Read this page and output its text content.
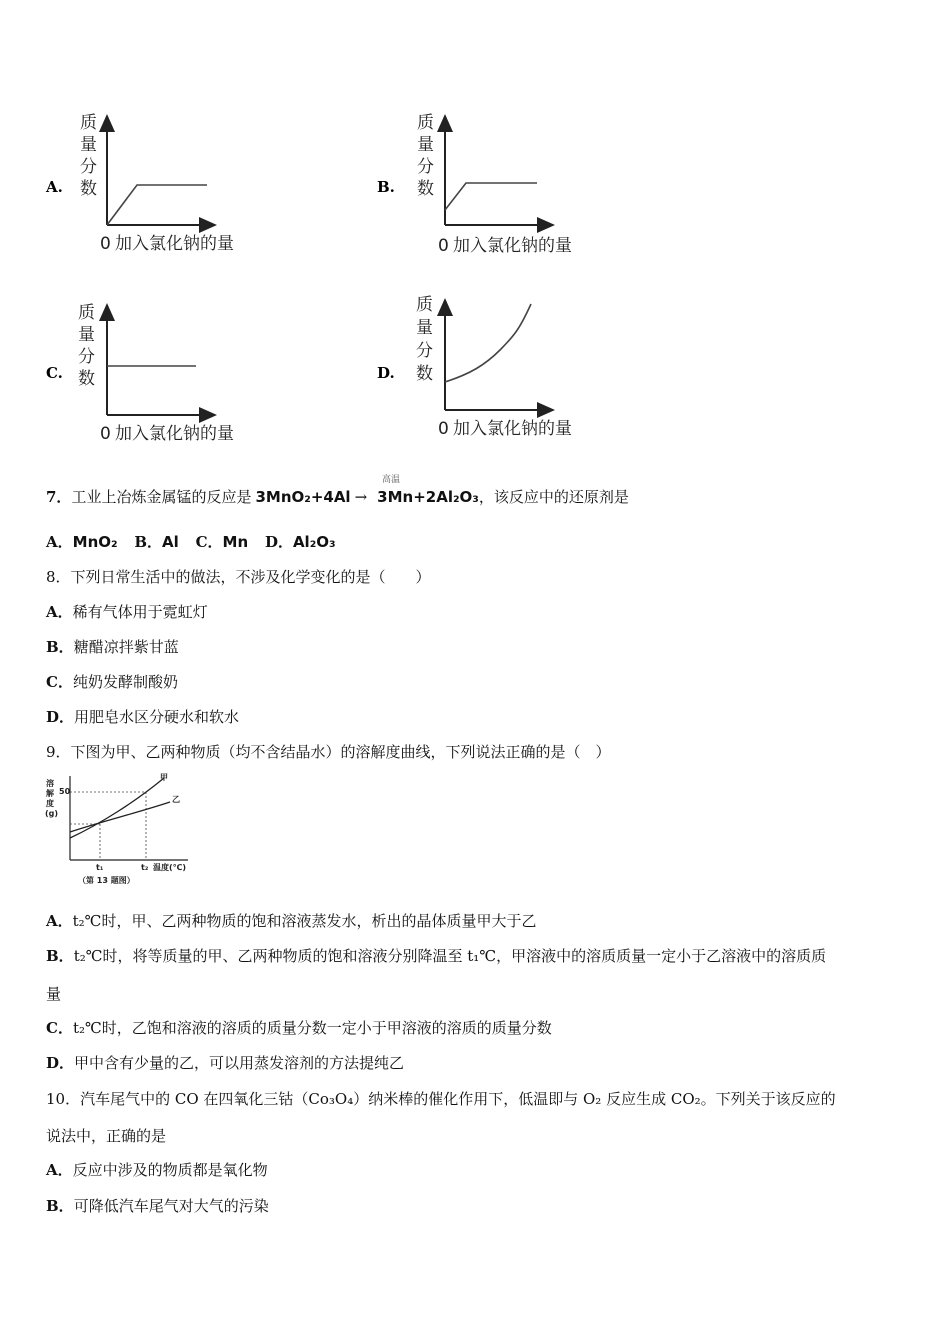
质
量
分
数
0 加入氯化钠的量
A.
质
量
分
数
0 加入氯化钠的量
B.
质
量
分
数
0 加入氯化钠的量
C.
质
量
分
数
0 加入氯化钠的量
D.
高温
7．工业上冶炼金属锰的反应是 3MnO₂+4Al → 3Mn+2Al₂O₃，该反应中的还原剂是
A．MnO₂ B．Al C．Mn D．Al₂O₃
8．下列日常生活中的做法，不涉及化学变化的是（　　）
A．稀有气体用于霓虹灯
B．糖醋凉拌紫甘蓝
C．纯奶发酵制酸奶
D．用肥皂水区分硬水和软水
9．下图为甲、乙两种物质（均不含结晶水）的溶解度曲线，下列说法正确的是（　）
溶
解
度
(g)
50
t₁	t₂ 温度(℃)
甲
乙
（第 13 题图）
A．t₂℃时，甲、乙两种物质的饱和溶液蒸发水，析出的晶体质量甲大于乙
B．t₂℃时，将等质量的甲、乙两种物质的饱和溶液分别降温至 t₁℃，甲溶液中的溶质质量一定小于乙溶液中的溶质质
量
C．t₂℃时，乙饱和溶液的溶质的质量分数一定小于甲溶液的溶质的质量分数
D．甲中含有少量的乙，可以用蒸发溶剂的方法提纯乙
10．汽车尾气中的 CO 在四氧化三钴（Co₃O₄）纳米棒的催化作用下，低温即与 O₂ 反应生成 CO₂。下列关于该反应的
说法中，正确的是
A．反应中涉及的物质都是氧化物
B．可降低汽车尾气对大气的污染
